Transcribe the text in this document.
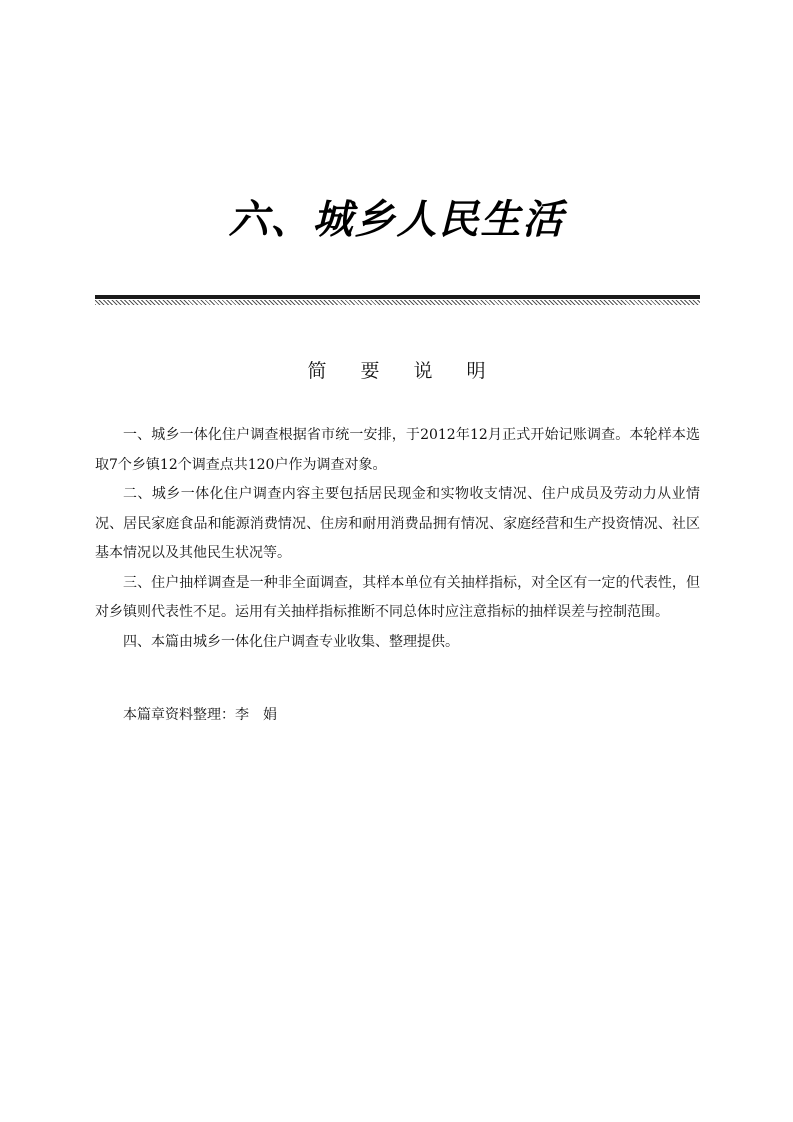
六、城乡人民生活
简 要 说 明

一、城乡一体化住户调查根据省市统一安排，于2012年12月正式开始记账调查。本轮样本选取7个乡镇12个调查点共120户作为调查对象。

二、城乡一体化住户调查内容主要包括居民现金和实物收支情况、住户成员及劳动力从业情况、居民家庭食品和能源消费情况、住房和耐用消费品拥有情况、家庭经营和生产投资情况、社区基本情况以及其他民生状况等。

三、住户抽样调查是一种非全面调查，其样本单位有关抽样指标，对全区有一定的代表性，但对乡镇则代表性不足。运用有关抽样指标推断不同总体时应注意指标的抽样误差与控制范围。

四、本篇由城乡一体化住户调查专业收集、整理提供。

本篇章资料整理：李娟
